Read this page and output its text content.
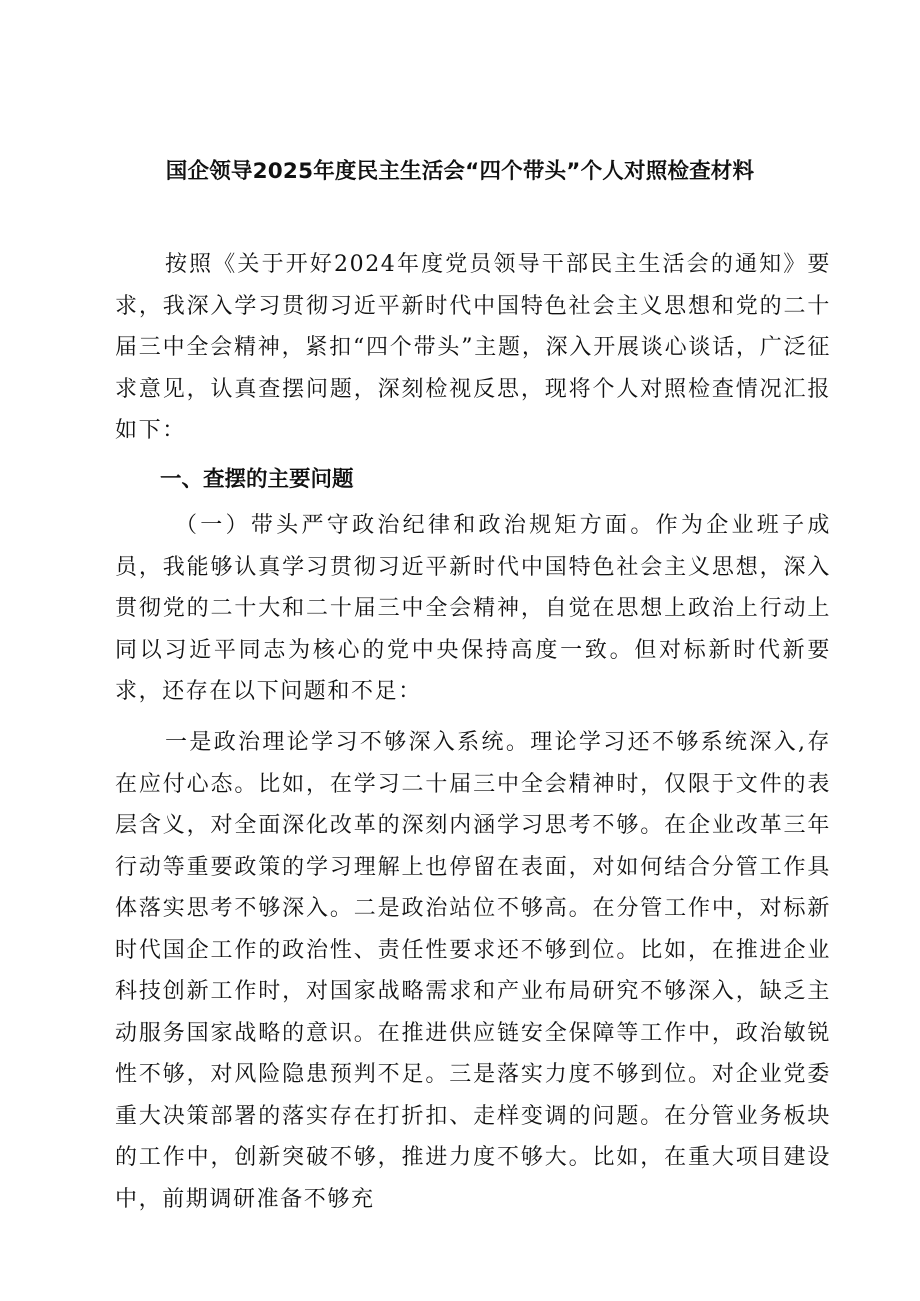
国企领导2025年度民主生活会“四个带头”个人对照检查材料

按照《关于开好2024年度党员领导干部民主生活会的通知》要求，我深入学习贯彻习近平新时代中国特色社会主义思想和党的二十届三中全会精神，紧扣“四个带头”主题，深入开展谈心谈话，广泛征求意见，认真查摆问题，深刻检视反思，现将个人对照检查情况汇报如下：

一、查摆的主要问题

（一）带头严守政治纪律和政治规矩方面。作为企业班子成员，我能够认真学习贯彻习近平新时代中国特色社会主义思想，深入贯彻党的二十大和二十届三中全会精神，自觉在思想上政治上行动上同以习近平同志为核心的党中央保持高度一致。但对标新时代新要求，还存在以下问题和不足：

一是政治理论学习不够深入系统。理论学习还不够系统深入,存在应付心态。比如，在学习二十届三中全会精神时，仅限于文件的表层含义，对全面深化改革的深刻内涵学习思考不够。在企业改革三年行动等重要政策的学习理解上也停留在表面，对如何结合分管工作具体落实思考不够深入。二是政治站位不够高。在分管工作中，对标新时代国企工作的政治性、责任性要求还不够到位。比如，在推进企业科技创新工作时，对国家战略需求和产业布局研究不够深入，缺乏主动服务国家战略的意识。在推进供应链安全保障等工作中，政治敏锐性不够，对风险隐患预判不足。三是落实力度不够到位。对企业党委重大决策部署的落实存在打折扣、走样变调的问题。在分管业务板块的工作中，创新突破不够，推进力度不够大。比如，在重大项目建设中，前期调研准备不够充
